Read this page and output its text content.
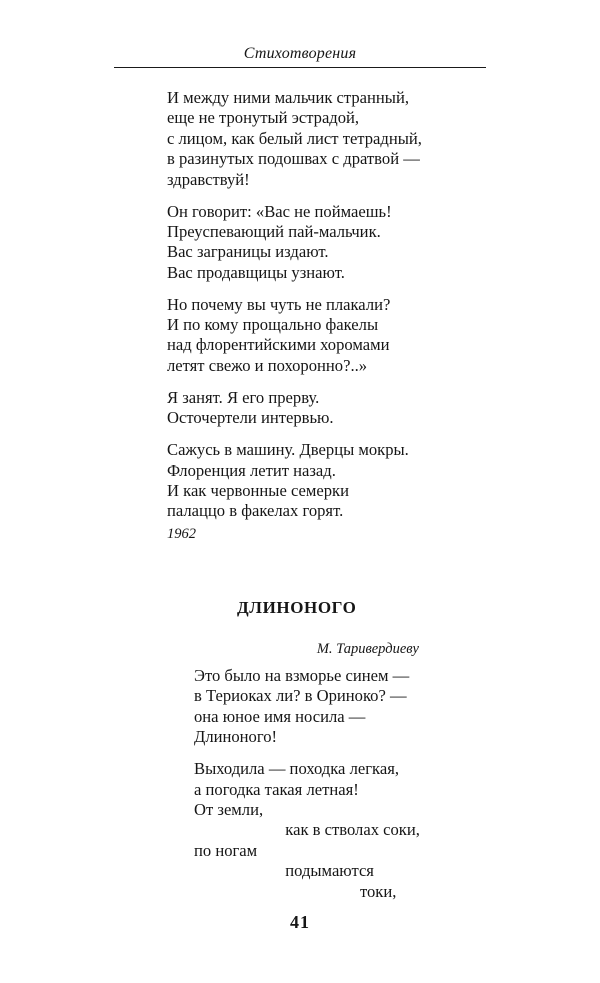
Стихотворения
И между ними мальчик странный,
еще не тронутый эстрадой,
с лицом, как белый лист тетрадный,
в разинутых подошвах с дратвой —
здравствуй!
Он говорит: «Вас не поймаешь!
Преуспевающий пай-мальчик.
Вас заграницы издают.
Вас продавщицы узнают.
Но почему вы чуть не плакали?
И по кому прощально факелы
над флорентийскими хоромами
летят свежо и похоронно?..»
Я занят. Я его прерву.
Осточертели интервью.
Сажусь в машину. Дверцы мокры.
Флоренция летит назад.
И как червонные семерки
палаццо в факелах горят.
1962
ДЛИНОНОГО
М. Таривердиеву
Это было на взморье синем —
в Териоках ли? в Ориноко? —
она юное имя носила —
Длиноного!
Выходила — походка легкая,
а погодка такая летная!
От земли,
как в стволах соки,
по ногам
подымаются
токи,
41
